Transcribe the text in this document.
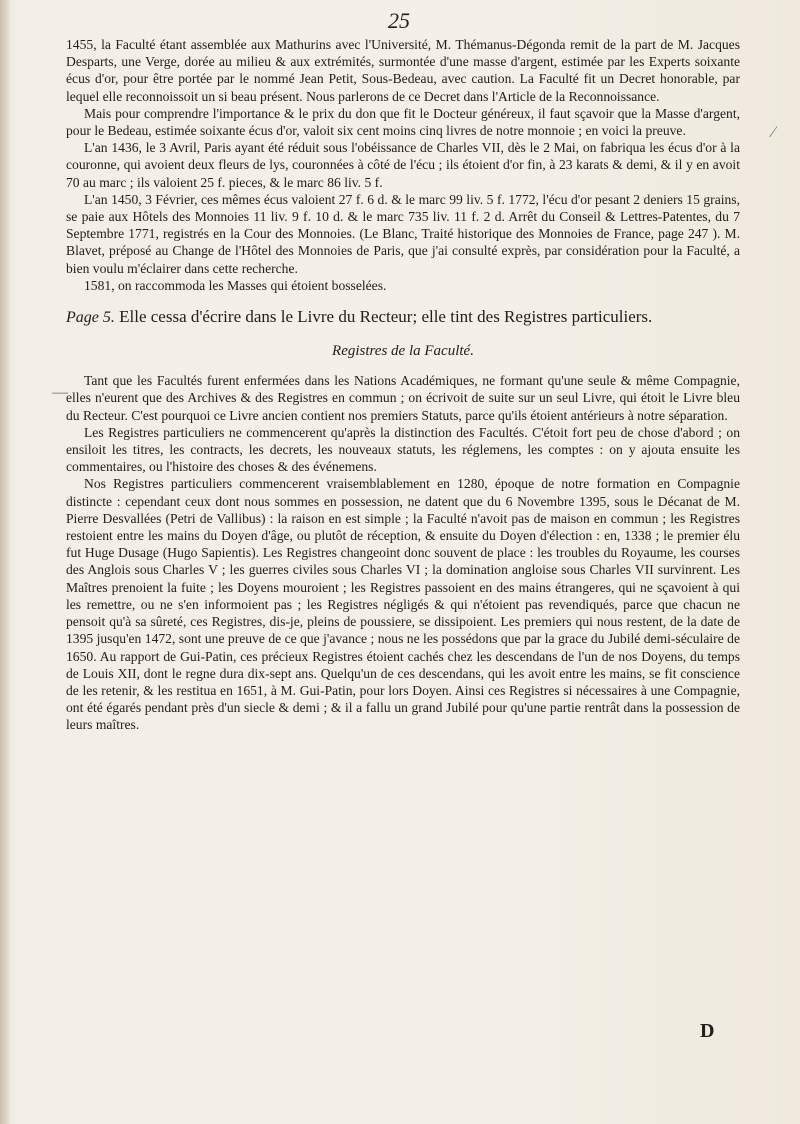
25
⁄
—

1455, la Faculté étant assemblée aux Mathurins avec l'Université, M. Thémanus-Dégonda remit de la part de M. Jacques Desparts, une Verge, dorée au milieu & aux extrémités, surmontée d'une masse d'argent, estimée par les Experts soixante écus d'or, pour être portée par le nommé Jean Petit, Sous-Bedeau, avec caution. La Faculté fit un Decret honorable, par lequel elle reconnoissoit un si beau présent. Nous parlerons de ce Decret dans l'Article de la Reconnoissance.

Mais pour comprendre l'importance & le prix du don que fit le Docteur généreux, il faut sçavoir que la Masse d'argent, pour le Bedeau, estimée soixante écus d'or, valoit six cent moins cinq livres de notre monnoie ; en voici la preuve.

L'an 1436, le 3 Avril, Paris ayant été réduit sous l'obéissance de Charles VII, dès le 2 Mai, on fabriqua les écus d'or à la couronne, qui avoient deux fleurs de lys, couronnées à côté de l'écu ; ils étoient d'or fin, à 23 karats & demi, & il y en avoit 70 au marc ; ils valoient 25 f. pieces, & le marc 86 liv. 5 f.

L'an 1450, 3 Février, ces mêmes écus valoient 27 f. 6 d. & le marc 99 liv. 5 f. 1772, l'écu d'or pesant 2 deniers 15 grains, se paie aux Hôtels des Monnoies 11 liv. 9 f. 10 d. & le marc 735 liv. 11 f. 2 d. Arrêt du Conseil & Lettres-Patentes, du 7 Septembre 1771, registrés en la Cour des Monnoies. (Le Blanc, Traité historique des Monnoies de France, page 247 ). M. Blavet, préposé au Change de l'Hôtel des Monnoies de Paris, que j'ai consulté exprès, par considération pour la Faculté, a bien voulu m'éclairer dans cette recherche.

1581, on raccommoda les Masses qui étoient bosselées.

Page 5. Elle cessa d'écrire dans le Livre du Recteur; elle tint des Registres particuliers.

Registres de la Faculté.

Tant que les Facultés furent enfermées dans les Nations Académiques, ne formant qu'une seule & même Compagnie, elles n'eurent que des Archives & des Registres en commun ; on écrivoit de suite sur un seul Livre, qui étoit le Livre bleu du Recteur. C'est pourquoi ce Livre ancien contient nos premiers Statuts, parce qu'ils étoient antérieurs à notre séparation.

Les Registres particuliers ne commencerent qu'après la distinction des Facultés. C'étoit fort peu de chose d'abord ; on ensiloit les titres, les contracts, les decrets, les nouveaux statuts, les réglemens, les comptes : on y ajouta ensuite les commentaires, ou l'histoire des choses & des événemens.

Nos Registres particuliers commencerent vraisemblablement en 1280, époque de notre formation en Compagnie distincte : cependant ceux dont nous sommes en possession, ne datent que du 6 Novembre 1395, sous le Décanat de M. Pierre Desvallées (Petri de Vallibus) : la raison en est simple ; la Faculté n'avoit pas de maison en commun ; les Registres restoient entre les mains du Doyen d'âge, ou plutôt de réception, & ensuite du Doyen d'élection : en, 1338 ; le premier élu fut Huge Dusage (Hugo Sapientis). Les Registres changeoint donc souvent de place : les troubles du Royaume, les courses des Anglois sous Charles V ; les guerres civiles sous Charles VI ; la domination angloise sous Charles VII survinrent. Les Maîtres prenoient la fuite ; les Doyens mouroient ; les Registres passoient en des mains étrangeres, qui ne sçavoient à qui les remettre, ou ne s'en informoient pas ; les Registres négligés & qui n'étoient pas revendiqués, parce que chacun ne pensoit qu'à sa sûreté, ces Registres, dis-je, pleins de poussiere, se dissipoient. Les premiers qui nous restent, de la date de 1395 jusqu'en 1472, sont une preuve de ce que j'avance ; nous ne les possédons que par la grace du Jubilé demi-séculaire de 1650. Au rapport de Gui-Patin, ces précieux Registres étoient cachés chez les descendans de l'un de nos Doyens, du temps de Louis XII, dont le regne dura dix-sept ans. Quelqu'un de ces descendans, qui les avoit entre les mains, se fit conscience de les retenir, & les restitua en 1651, à M. Gui-Patin, pour lors Doyen. Ainsi ces Registres si nécessaires à une Compagnie, ont été égarés pendant près d'un siecle & demi ; & il a fallu un grand Jubilé pour qu'une partie rentrât dans la possession de leurs maîtres.

D
